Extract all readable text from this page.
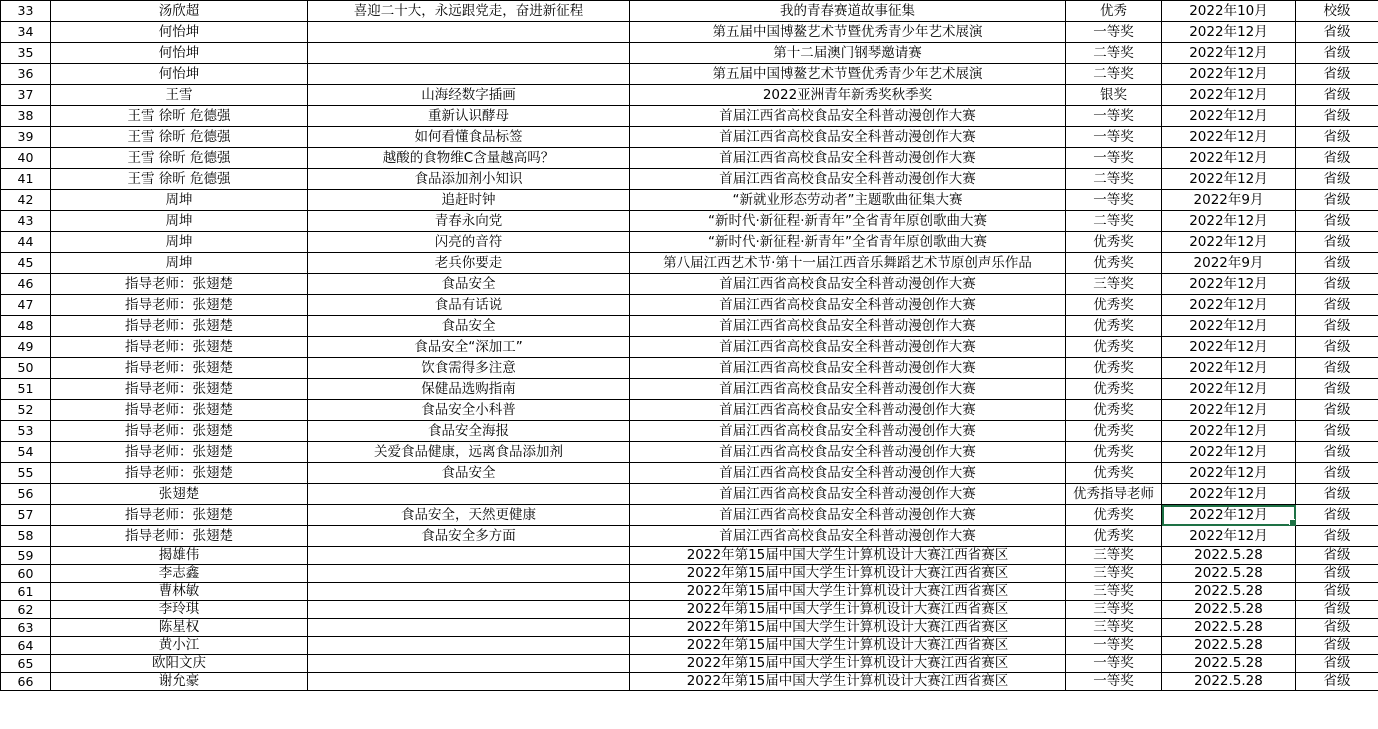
33	汤欣超	喜迎二十大，永远跟党走，奋进新征程	我的青春赛道故事征集	优秀	2022年10月	校级
34	何怡坤		第五届中国博鳌艺术节暨优秀青少年艺术展演	一等奖	2022年12月	省级
35	何怡坤		第十二届澳门钢琴邀请赛	二等奖	2022年12月	省级
36	何怡坤		第五届中国博鳌艺术节暨优秀青少年艺术展演	二等奖	2022年12月	省级
37	王雪	山海经数字插画	2022亚洲青年新秀奖秋季奖	银奖	2022年12月	省级
38	王雪 徐昕 危德强	重新认识酵母	首届江西省高校食品安全科普动漫创作大赛	一等奖	2022年12月	省级
39	王雪 徐昕 危德强	如何看懂食品标签	首届江西省高校食品安全科普动漫创作大赛	一等奖	2022年12月	省级
40	王雪 徐昕 危德强	越酸的食物维C含量越高吗？	首届江西省高校食品安全科普动漫创作大赛	一等奖	2022年12月	省级
41	王雪 徐昕 危德强	食品添加剂小知识	首届江西省高校食品安全科普动漫创作大赛	二等奖	2022年12月	省级
42	周坤	追赶时钟	“新就业形态劳动者”主题歌曲征集大赛	一等奖	2022年9月	省级
43	周坤	青春永向党	“新时代·新征程·新青年”全省青年原创歌曲大赛	二等奖	2022年12月	省级
44	周坤	闪亮的音符	“新时代·新征程·新青年”全省青年原创歌曲大赛	优秀奖	2022年12月	省级
45	周坤	老兵你要走	第八届江西艺术节·第十一届江西音乐舞蹈艺术节原创声乐作品	优秀奖	2022年9月	省级
46	指导老师：张翅楚	食品安全	首届江西省高校食品安全科普动漫创作大赛	三等奖	2022年12月	省级
47	指导老师：张翅楚	食品有话说	首届江西省高校食品安全科普动漫创作大赛	优秀奖	2022年12月	省级
48	指导老师：张翅楚	食品安全	首届江西省高校食品安全科普动漫创作大赛	优秀奖	2022年12月	省级
49	指导老师：张翅楚	食品安全“深加工”	首届江西省高校食品安全科普动漫创作大赛	优秀奖	2022年12月	省级
50	指导老师：张翅楚	饮食需得多注意	首届江西省高校食品安全科普动漫创作大赛	优秀奖	2022年12月	省级
51	指导老师：张翅楚	保健品选购指南	首届江西省高校食品安全科普动漫创作大赛	优秀奖	2022年12月	省级
52	指导老师：张翅楚	食品安全小科普	首届江西省高校食品安全科普动漫创作大赛	优秀奖	2022年12月	省级
53	指导老师：张翅楚	食品安全海报	首届江西省高校食品安全科普动漫创作大赛	优秀奖	2022年12月	省级
54	指导老师：张翅楚	关爱食品健康，远离食品添加剂	首届江西省高校食品安全科普动漫创作大赛	优秀奖	2022年12月	省级
55	指导老师：张翅楚	食品安全	首届江西省高校食品安全科普动漫创作大赛	优秀奖	2022年12月	省级
56	张翅楚		首届江西省高校食品安全科普动漫创作大赛	优秀指导老师	2022年12月	省级
57	指导老师：张翅楚	食品安全，天然更健康	首届江西省高校食品安全科普动漫创作大赛	优秀奖	2022年12月	省级
58	指导老师：张翅楚	食品安全多方面	首届江西省高校食品安全科普动漫创作大赛	优秀奖	2022年12月	省级
59	揭雄伟		2022年第15届中国大学生计算机设计大赛江西省赛区	三等奖	2022.5.28	省级
60	李志鑫		2022年第15届中国大学生计算机设计大赛江西省赛区	三等奖	2022.5.28	省级
61	曹林敏		2022年第15届中国大学生计算机设计大赛江西省赛区	三等奖	2022.5.28	省级
62	李玲琪		2022年第15届中国大学生计算机设计大赛江西省赛区	三等奖	2022.5.28	省级
63	陈星权		2022年第15届中国大学生计算机设计大赛江西省赛区	三等奖	2022.5.28	省级
64	黄小江		2022年第15届中国大学生计算机设计大赛江西省赛区	一等奖	2022.5.28	省级
65	欧阳文庆		2022年第15届中国大学生计算机设计大赛江西省赛区	一等奖	2022.5.28	省级
66	谢允豪		2022年第15届中国大学生计算机设计大赛江西省赛区	一等奖	2022.5.28	省级
